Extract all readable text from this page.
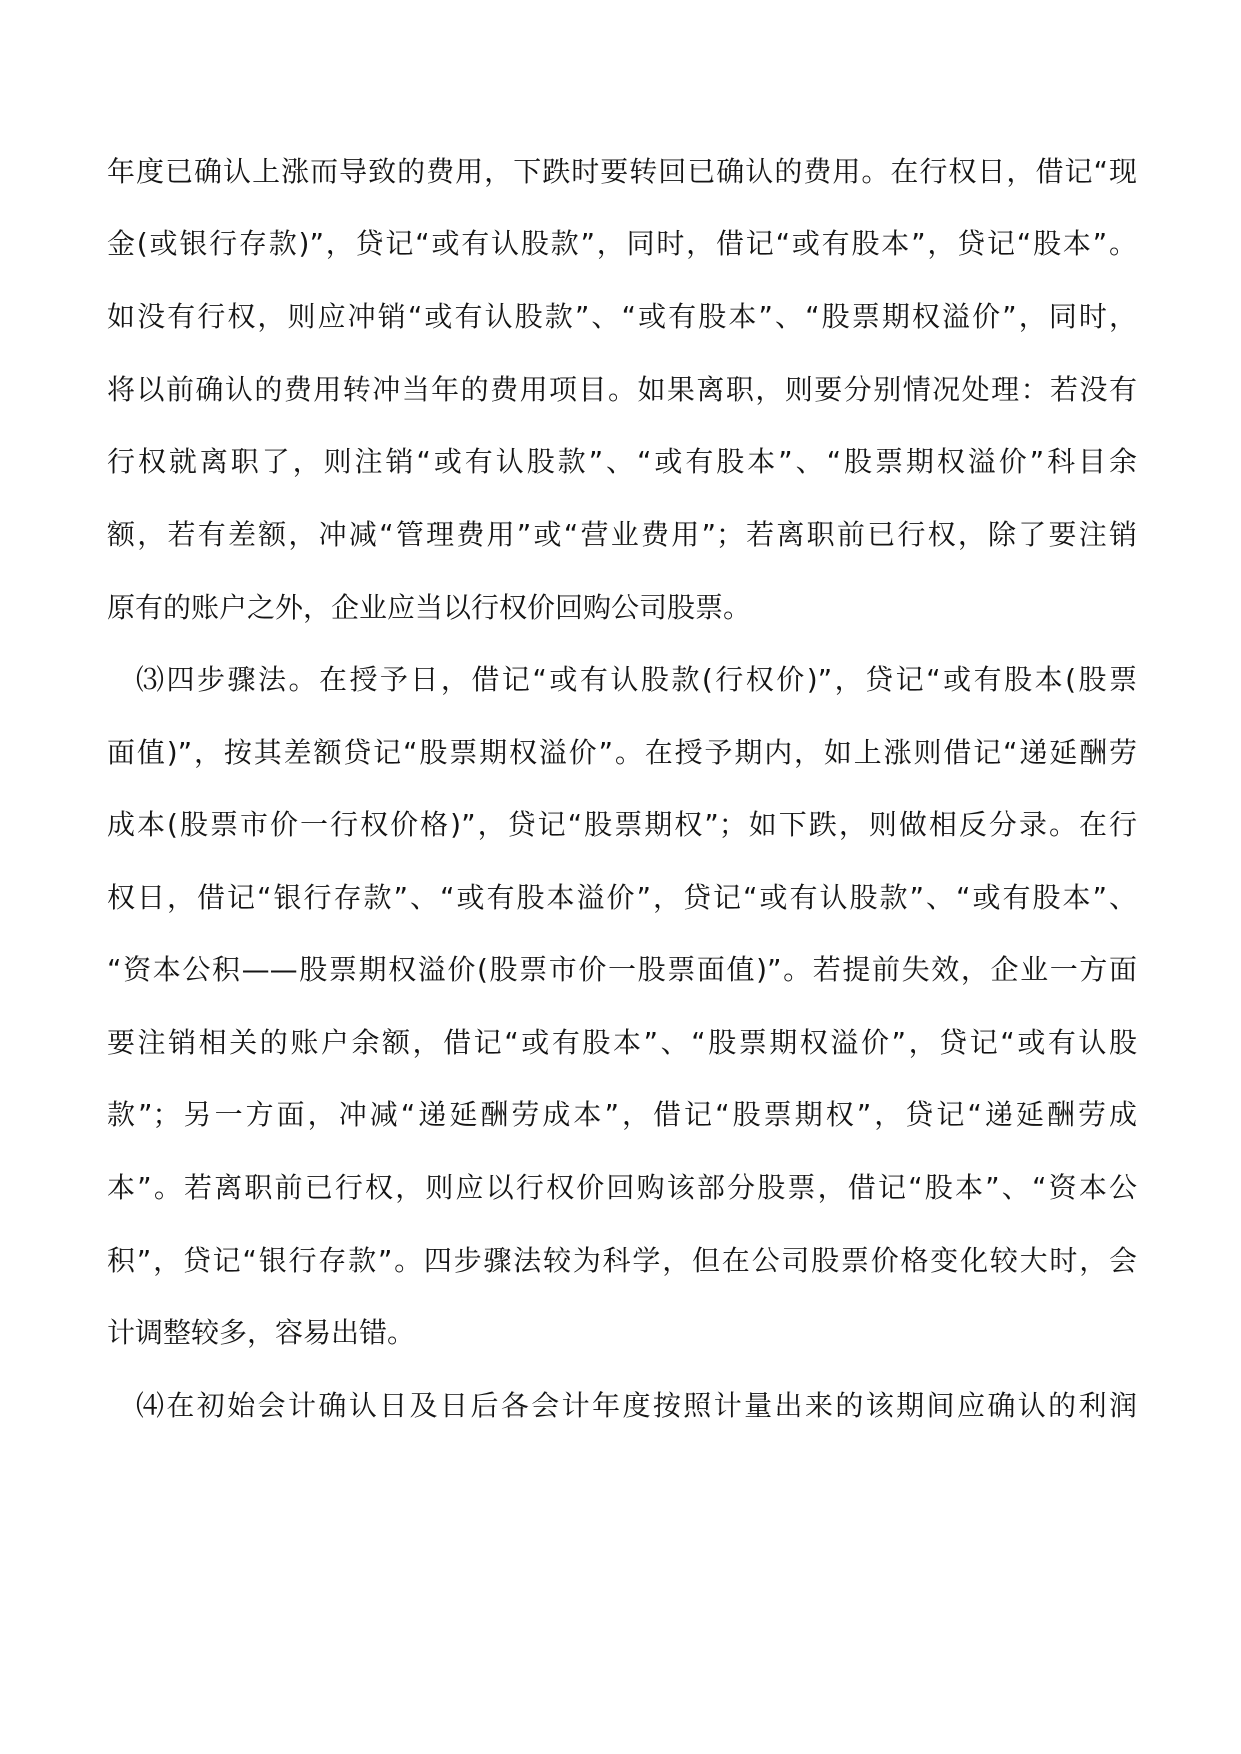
年度已确认上涨而导致的费用，下跌时要转回已确认的费用。在行权日，借记“现
金(或银行存款)”，贷记“或有认股款”，同时，借记“或有股本”，贷记“股本”。
如没有行权，则应冲销“或有认股款”、“或有股本”、“股票期权溢价”，同时，
将以前确认的费用转冲当年的费用项目。如果离职，则要分别情况处理：若没有
行权就离职了，则注销“或有认股款”、“或有股本”、“股票期权溢价”科目余
额，若有差额，冲减“管理费用”或“营业费用”；若离职前已行权，除了要注销
原有的账户之外，企业应当以行权价回购公司股票。
⑶四步骤法。在授予日，借记“或有认股款(行权价)”，贷记“或有股本(股票
面值)”，按其差额贷记“股票期权溢价”。在授予期内，如上涨则借记“递延酬劳
成本(股票市价一行权价格)”，贷记“股票期权”；如下跌，则做相反分录。在行
权日，借记“银行存款”、“或有股本溢价”，贷记“或有认股款”、“或有股本”、
“资本公积——股票期权溢价(股票市价一股票面值)”。若提前失效，企业一方面
要注销相关的账户余额，借记“或有股本”、“股票期权溢价”，贷记“或有认股
款”；另一方面，冲减“递延酬劳成本”，借记“股票期权”，贷记“递延酬劳成
本”。若离职前已行权，则应以行权价回购该部分股票，借记“股本”、“资本公
积”，贷记“银行存款”。四步骤法较为科学，但在公司股票价格变化较大时，会
计调整较多，容易出错。
⑷在初始会计确认日及日后各会计年度按照计量出来的该期间应确认的利润
